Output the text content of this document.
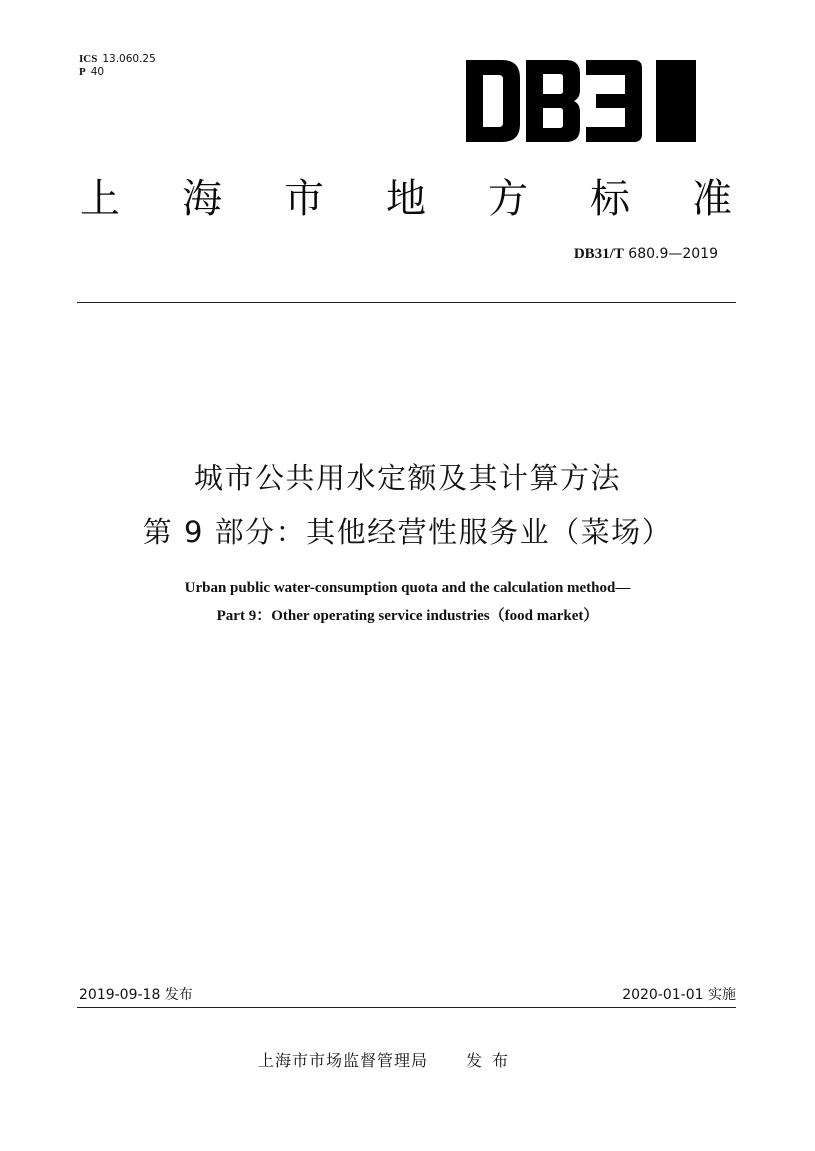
ICS 13.060.25
P 40
上 海 市 地 方 标 准
DB31/T 680.9—2019
城市公共用水定额及其计算方法
第 9 部分：其他经营性服务业（菜场）
Urban public water-consumption quota and the calculation method—
Part 9：Other operating service industries（food market）
2019-09-18 发布	2020-01-01 实施
上海市市场监督管理局 发布
